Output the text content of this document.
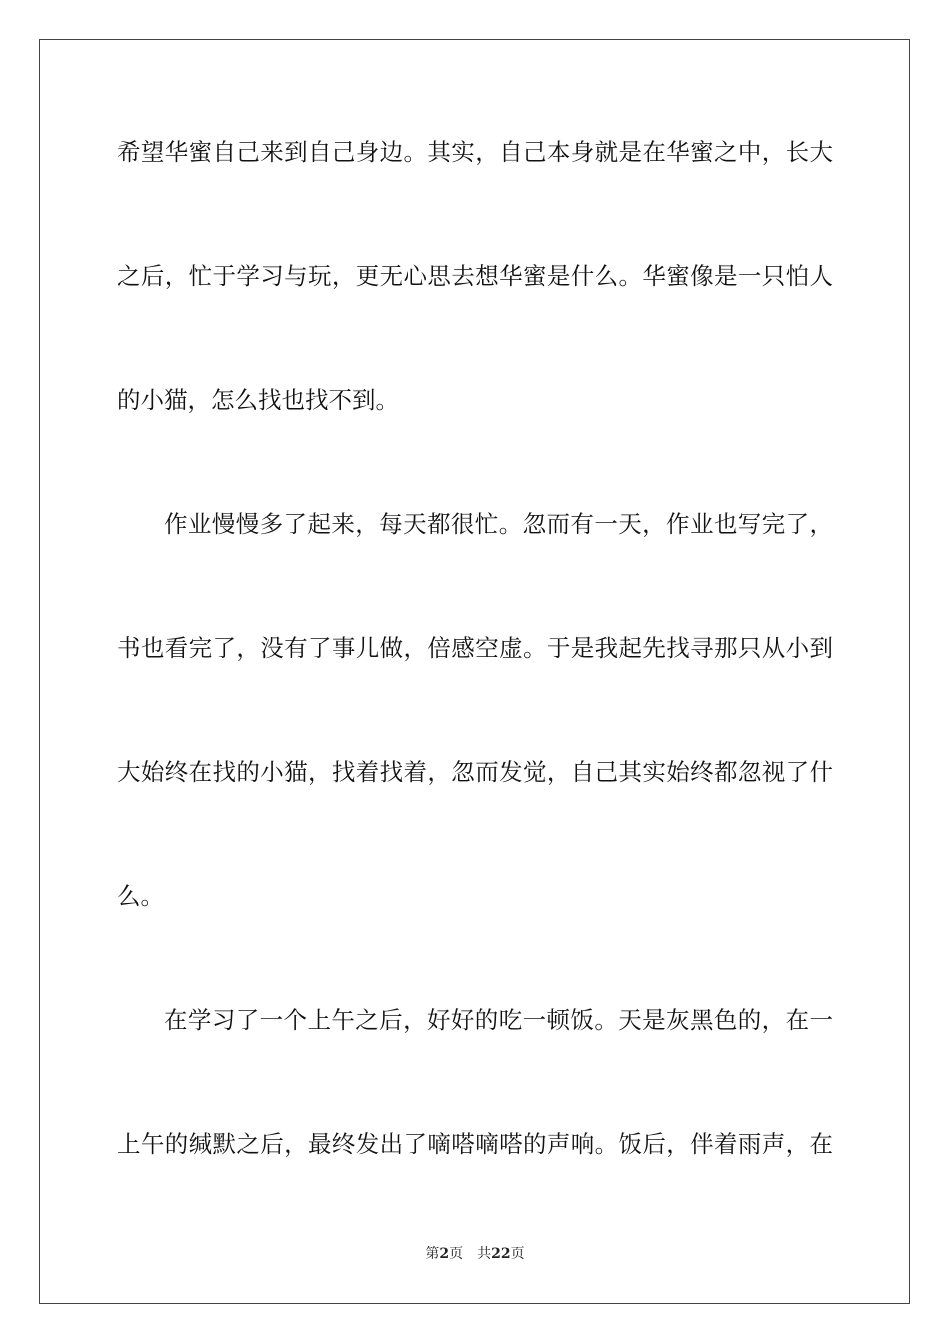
希望华蜜自己来到自己身边。其实，自己本身就是在华蜜之中，长大
之后，忙于学习与玩，更无心思去想华蜜是什么。华蜜像是一只怕人
的小猫，怎么找也找不到。
作业慢慢多了起来，每天都很忙。忽而有一天，作业也写完了，
书也看完了，没有了事儿做，倍感空虚。于是我起先找寻那只从小到
大始终在找的小猫，找着找着，忽而发觉，自己其实始终都忽视了什
么。
在学习了一个上午之后，好好的吃一顿饭。天是灰黑色的，在一
上午的缄默之后，最终发出了嘀嗒嘀嗒的声响。饭后，伴着雨声，在
第2页 共22页
